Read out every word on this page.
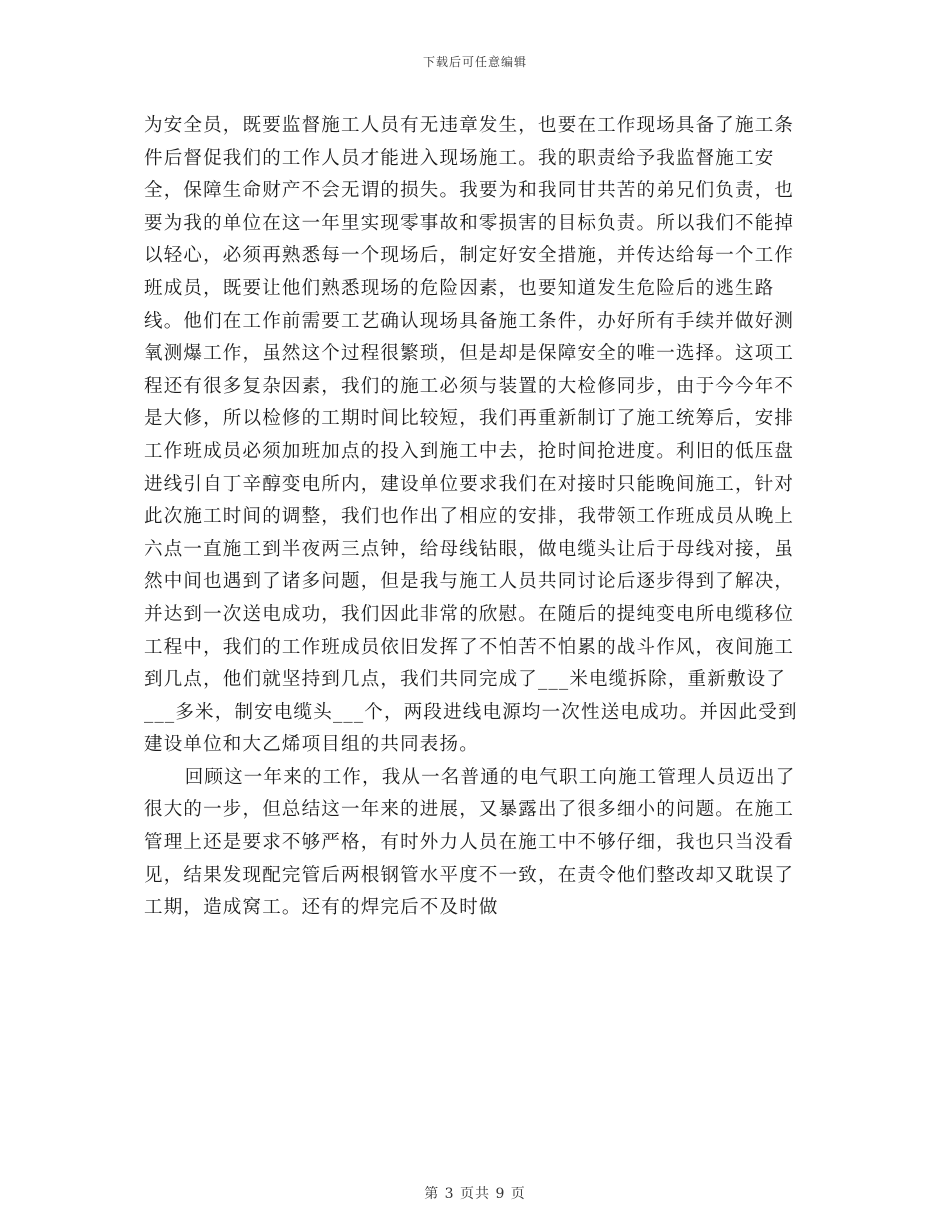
下载后可任意编辑

为安全员，既要监督施工人员有无违章发生，也要在工作现场具备了施工条件后督促我们的工作人员才能进入现场施工。我的职责给予我监督施工安全，保障生命财产不会无谓的损失。我要为和我同甘共苦的弟兄们负责，也要为我的单位在这一年里实现零事故和零损害的目标负责。所以我们不能掉以轻心，必须再熟悉每一个现场后，制定好安全措施，并传达给每一个工作班成员，既要让他们熟悉现场的危险因素，也要知道发生危险后的逃生路线。他们在工作前需要工艺确认现场具备施工条件，办好所有手续并做好测氧测爆工作，虽然这个过程很繁琐，但是却是保障安全的唯一选择。这项工程还有很多复杂因素，我们的施工必须与装置的大检修同步，由于今今年不是大修，所以检修的工期时间比较短，我们再重新制订了施工统筹后，安排工作班成员必须加班加点的投入到施工中去，抢时间抢进度。利旧的低压盘进线引自丁辛醇变电所内，建设单位要求我们在对接时只能晚间施工，针对此次施工时间的调整，我们也作出了相应的安排，我带领工作班成员从晚上六点一直施工到半夜两三点钟，给母线钻眼，做电缆头让后于母线对接，虽然中间也遇到了诸多问题，但是我与施工人员共同讨论后逐步得到了解决，并达到一次送电成功，我们因此非常的欣慰。在随后的提纯变电所电缆移位工程中，我们的工作班成员依旧发挥了不怕苦不怕累的战斗作风，夜间施工到几点，他们就坚持到几点，我们共同完成了___米电缆拆除，重新敷设了___多米，制安电缆头___个，两段进线电源均一次性送电成功。并因此受到建设单位和大乙烯项目组的共同表扬。

回顾这一年来的工作，我从一名普通的电气职工向施工管理人员迈出了很大的一步，但总结这一年来的进展，又暴露出了很多细小的问题。在施工管理上还是要求不够严格，有时外力人员在施工中不够仔细，我也只当没看见，结果发现配完管后两根钢管水平度不一致，在责令他们整改却又耽误了工期，造成窝工。还有的焊完后不及时做

第 3 页共 9 页
